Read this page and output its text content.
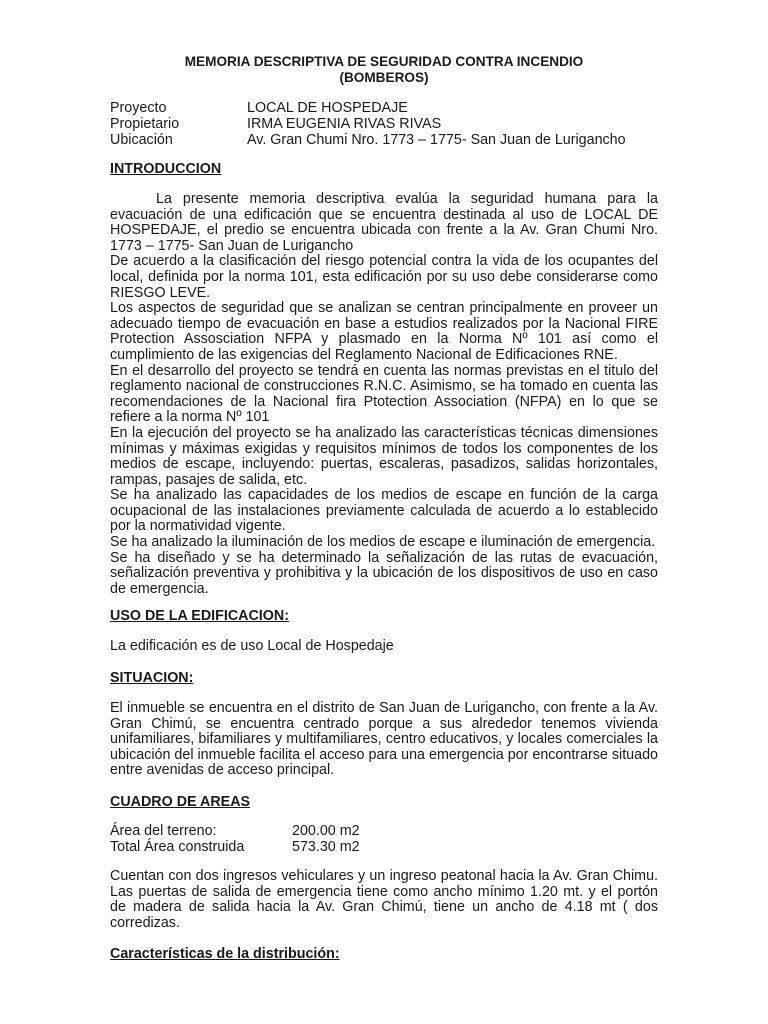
MEMORIA DESCRIPTIVA DE SEGURIDAD CONTRA INCENDIO
(BOMBEROS)
Proyecto	LOCAL DE HOSPEDAJE
Propietario	IRMA EUGENIA RIVAS RIVAS
Ubicación	Av. Gran Chumi Nro. 1773 – 1775- San Juan de Lurigancho
INTRODUCCION

La presente memoria descriptiva evalúa la seguridad humana para la evacuación de una edificación que se encuentra destinada al uso de LOCAL DE HOSPEDAJE, el predio se encuentra ubicada con frente a la Av. Gran Chumi Nro. 1773 – 1775- San Juan de Lurigancho

De acuerdo a la clasificación del riesgo potencial contra la vida de los ocupantes del local, definida por la norma 101, esta edificación por su uso debe considerarse como RIESGO LEVE.

Los aspectos de seguridad que se analizan se centran principalmente en proveer un adecuado tiempo de evacuación en base a estudios realizados por la Nacional FIRE Protection Assosciation NFPA y plasmado en la Norma Nº 101 así como el cumplimiento de las exigencias del Reglamento Nacional de Edificaciones RNE.

En el desarrollo del proyecto se tendrá en cuenta las normas previstas en el titulo del reglamento nacional de construcciones R.N.C. Asimismo, se ha tomado en cuenta las recomendaciones de la Nacional fira Ptotection Association (NFPA) en lo que se refiere a la norma Nº 101

En la ejecución del proyecto se ha analizado las características técnicas dimensiones mínimas y máximas exigidas y requisitos mínimos de todos los componentes de los medios de escape, incluyendo: puertas, escaleras, pasadizos, salidas horizontales, rampas, pasajes de salida, etc.

Se ha analizado las capacidades de los medios de escape en función de la carga ocupacional de las instalaciones previamente calculada de acuerdo a lo establecido por la normatividad vigente.

Se ha analizado la iluminación de los medios de escape e iluminación de emergencia.

Se ha diseñado y se ha determinado la señalización de las rutas de evacuación, señalización preventiva y prohibitiva y la ubicación de los dispositivos de uso en caso de emergencia.

USO DE LA EDIFICACION:
La edificación es de uso Local de Hospedaje
SITUACION:
El inmueble se encuentra en el distrito de San Juan de Lurigancho, con frente a la Av. Gran Chimú, se encuentra centrado porque a sus alrededor tenemos vivienda unifamiliares, bifamiliares y multifamiliares, centro educativos, y locales comerciales la ubicación del inmueble facilita el acceso para una emergencia por encontrarse situado entre avenidas de acceso principal.
CUADRO DE AREAS
Área del terreno:	200.00 m2
Total Área construida	573.30 m2
Cuentan con dos ingresos vehiculares y un ingreso peatonal hacia la Av. Gran Chimu. Las puertas de salida de emergencia tiene como ancho mínimo 1.20 mt. y el portón de madera de salida hacia la Av. Gran Chimú, tiene un ancho de 4.18 mt ( dos corredizas.
Características de la distribución:
